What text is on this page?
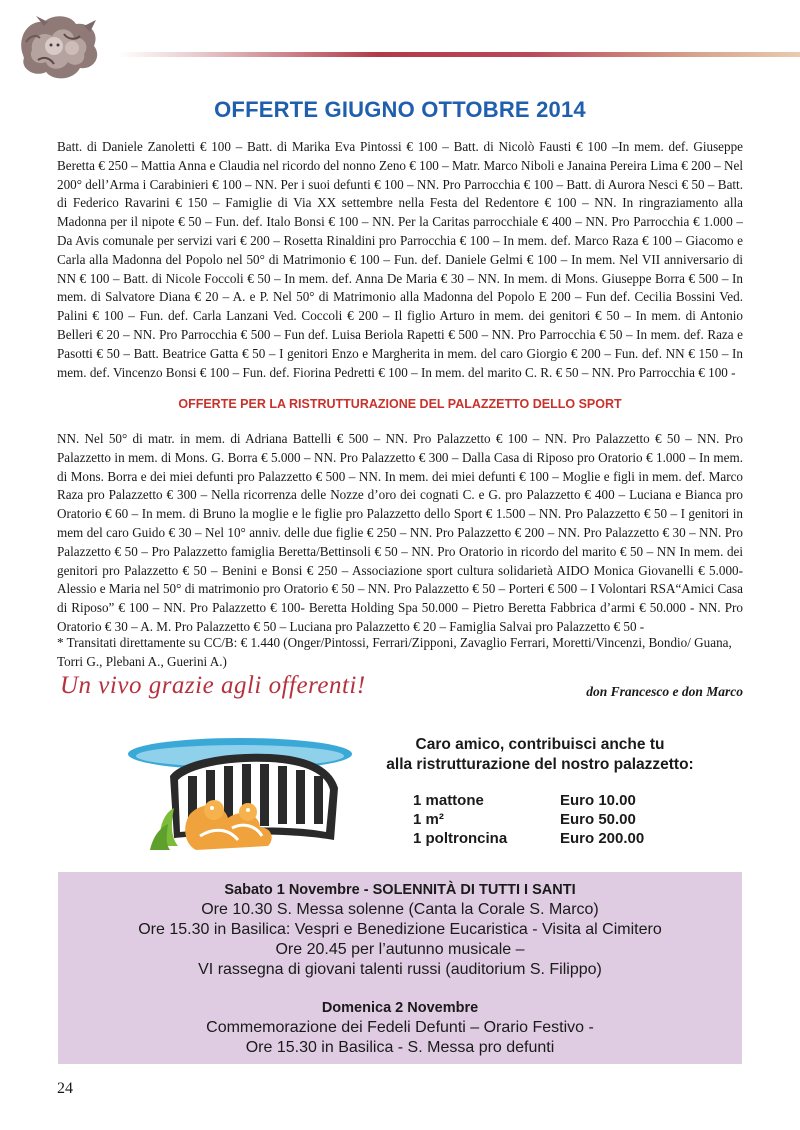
OFFERTE GIUGNO OTTOBRE 2014

Batt. di Daniele Zanoletti € 100 – Batt. di Marika Eva Pintossi € 100 – Batt. di Nicolò Fausti € 100 –In mem. def. Giuseppe Beretta € 250 – Mattia Anna e Claudia nel ricordo del nonno Zeno € 100 – Matr. Marco Niboli e Janaina Pereira Lima € 200 – Nel 200° dell’Arma i Carabinieri € 100 – NN. Per i suoi defunti € 100 – NN. Pro Parrocchia € 100 – Batt. di Aurora Nesci € 50 – Batt. di Federico Ravarini € 150 – Famiglie di Via XX settembre nella Festa del Redentore € 100 – NN. In ringraziamento alla Madonna per il nipote € 50 – Fun. def. Italo Bonsi € 100 – NN. Per la Caritas parrocchiale € 400 – NN. Pro Parrocchia € 1.000 – Da Avis comunale per servizi vari € 200 – Rosetta Rinaldini pro Parrocchia € 100 – In mem. def. Marco Raza € 100 – Giacomo e Carla alla Madonna del Popolo nel 50° di Matrimonio € 100 – Fun. def. Daniele Gelmi € 100 – In mem. Nel VII anniversario di NN € 100 – Batt. di Nicole Foccoli € 50 – In mem. def. Anna De Maria € 30 – NN. In mem. di Mons. Giuseppe Borra € 500 – In mem. di Salvatore Diana € 20 – A. e P. Nel 50° di Matrimonio alla Madonna del Popolo E 200 – Fun def. Cecilia Bossini Ved. Palini € 100 – Fun. def. Carla Lanzani Ved. Coccoli € 200 – Il figlio Arturo in mem. dei genitori € 50 – In mem. di Antonio Belleri € 20 – NN. Pro Parrocchia € 500 – Fun def. Luisa Beriola Rapetti € 500 – NN. Pro Parrocchia € 50 – In mem. def. Raza e Pasotti € 50 – Batt. Beatrice Gatta € 50 – I genitori Enzo e Margherita in mem. del caro Giorgio € 200 – Fun. def. NN € 150 – In mem. def. Vincenzo Bonsi € 100 – Fun. def. Fiorina Pedretti € 100 – In mem. del marito C. R. € 50 – NN. Pro Parrocchia € 100 -

OFFERTE PER LA RISTRUTTURAZIONE DEL PALAZZETTO DELLO SPORT

NN. Nel 50° di matr. in mem. di Adriana Battelli € 500 – NN. Pro Palazzetto € 100 – NN. Pro Palazzetto € 50 – NN. Pro Palazzetto in mem. di Mons. G. Borra € 5.000 – NN. Pro Palazzetto € 300 – Dalla Casa di Riposo pro Oratorio € 1.000 – In mem. di Mons. Borra e dei miei defunti pro Palazzetto € 500 – NN. In mem. dei miei defunti € 100 – Moglie e figli in mem. def. Marco Raza pro Palazzetto € 300 – Nella ricorrenza delle Nozze d’oro dei cognati C. e G. pro Palazzetto € 400 – Luciana e Bianca pro Oratorio € 60 – In mem. di Bruno la moglie e le figlie pro Palazzetto dello Sport € 1.500 – NN. Pro Palazzetto € 50 – I genitori in mem del caro Guido € 30 – Nel 10° anniv. delle due figlie € 250 – NN. Pro Palazzetto € 200 – NN. Pro Palazzetto € 30 – NN. Pro Palazzetto € 50 – Pro Palazzetto famiglia Beretta/Bettinsoli € 50 – NN. Pro Oratorio in ricordo del marito € 50 – NN In mem. dei genitori pro Palazzetto € 50 – Benini e Bonsi € 250 – Associazione sport cultura solidarietà AIDO Monica Giovanelli € 5.000- Alessio e Maria nel 50° di matrimonio pro Oratorio € 50 – NN. Pro Palazzetto € 50 – Porteri € 500 – I Volontari RSA“Amici Casa di Riposo” € 100 – NN. Pro Palazzetto € 100- Beretta Holding Spa 50.000 – Pietro Beretta Fabbrica d’armi € 50.000 - NN. Pro Oratorio € 30 – A. M. Pro Palazzetto € 50 – Luciana pro Palazzetto € 20 – Famiglia Salvai pro Palazzetto € 50 -

* Transitati direttamente su CC/B: € 1.440 (Onger/Pintossi, Ferrari/Zipponi, Zavaglio Ferrari, Moretti/Vincenzi, Bondio/ Guana, Torri G., Plebani A., Guerini A.)

Un vivo grazie agli offerenti!	don Francesco e don Marco
Caro amico, contribuisci anche tu
alla ristrutturazione del nostro palazzetto:
1 mattone	Euro 10.00
1 m²	Euro 50.00
1 poltroncina	Euro 200.00
Sabato 1 Novembre - SOLENNITÀ DI TUTTI I SANTI
Ore 10.30 S. Messa solenne (Canta la Corale S. Marco)
Ore 15.30 in Basilica: Vespri e Benedizione Eucaristica - Visita al Cimitero
Ore 20.45 per l’autunno musicale –
VI rassegna di giovani talenti russi (auditorium S. Filippo)
Domenica 2 Novembre
Commemorazione dei Fedeli Defunti – Orario Festivo -
Ore 15.30 in Basilica - S. Messa pro defunti
24
